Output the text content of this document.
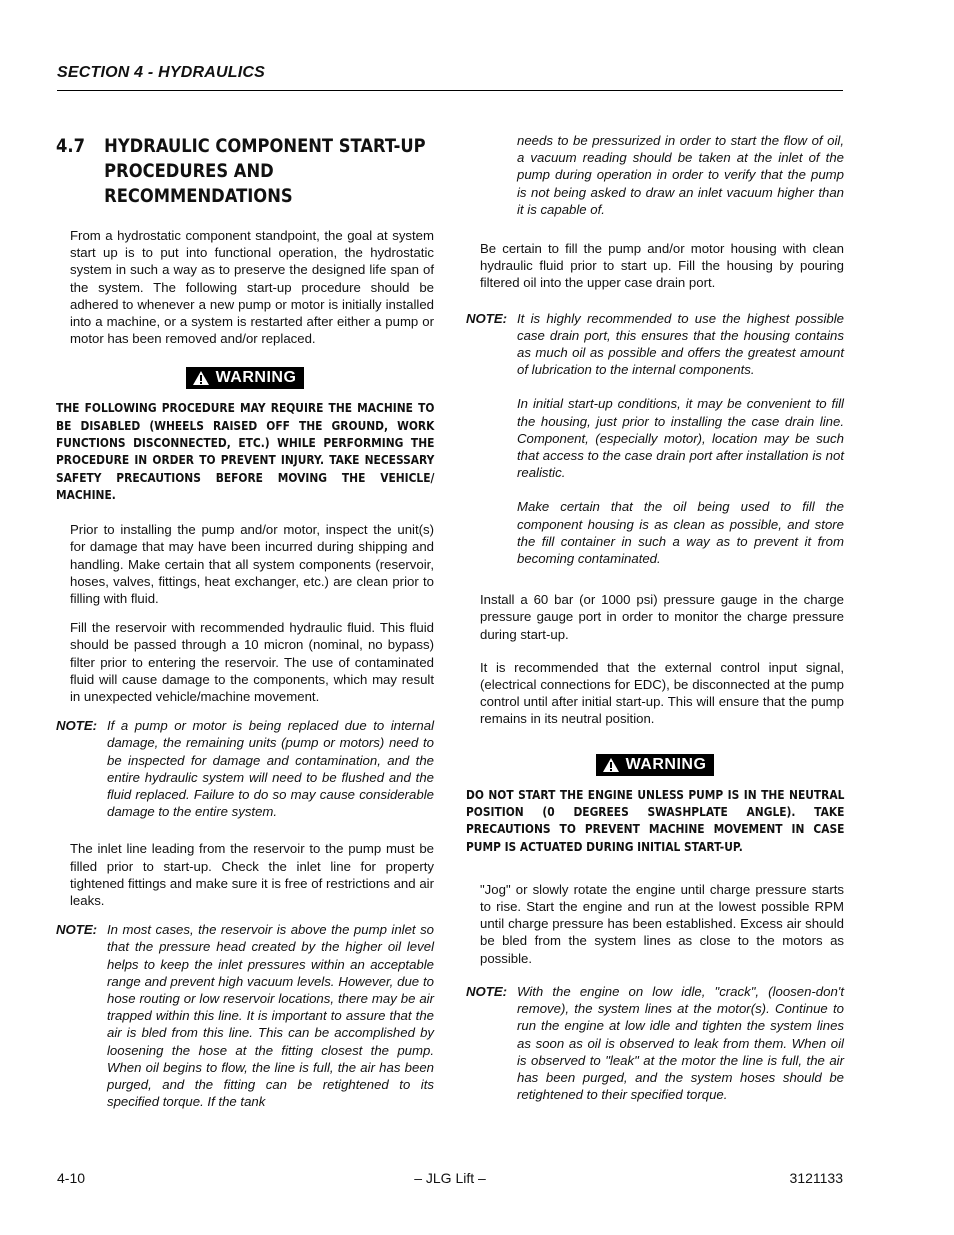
SECTION 4 - HYDRAULICS
4.7	HYDRAULIC COMPONENT START-UP
PROCEDURES AND
RECOMMENDATIONS

From a hydrostatic component standpoint, the goal at system start up is to put into functional operation, the hydrostatic system in such a way as to preserve the designed life span of the system. The following start-up procedure should be adhered to whenever a new pump or motor is initially installed into a machine, or a system is restarted after either a pump or motor has been removed and/or replaced.

WARNING
THE FOLLOWING PROCEDURE MAY REQUIRE THE MACHINE TO BE DISABLED (WHEELS RAISED OFF THE GROUND, WORK FUNCTIONS DISCONNECTED, ETC.) WHILE PERFORMING THE PROCEDURE IN ORDER TO PREVENT INJURY. TAKE NECESSARY SAFETY PRECAUTIONS BEFORE MOVING THE VEHICLE/ MACHINE.

Prior to installing the pump and/or motor, inspect the unit(s) for damage that may have been incurred during shipping and handling. Make certain that all system components (reservoir, hoses, valves, fittings, heat exchanger, etc.) are clean prior to filling with fluid.

Fill the reservoir with recommended hydraulic fluid. This fluid should be passed through a 10 micron (nominal, no bypass) filter prior to entering the reservoir. The use of contaminated fluid will cause damage to the components, which may result in unexpected vehicle/machine movement.

NOTE: If a pump or motor is being replaced due to internal damage, the remaining units (pump or motors) need to be inspected for damage and contamination, and the entire hydraulic system will need to be flushed and the fluid replaced. Failure to do so may cause considerable damage to the entire system.

The inlet line leading from the reservoir to the pump must be filled prior to start-up. Check the inlet line for property tightened fittings and make sure it is free of restrictions and air leaks.

NOTE: In most cases, the reservoir is above the pump inlet so that the pressure head created by the higher oil level helps to keep the inlet pressures within an acceptable range and prevent high vacuum levels. However, due to hose routing or low reservoir locations, there may be air trapped within this line. It is important to assure that the air is bled from this line. This can be accomplished by loosening the hose at the fitting closest the pump. When oil begins to flow, the line is full, the air has been purged, and the fitting can be retightened to its specified torque. If the tank
needs to be pressurized in order to start the flow of oil, a vacuum reading should be taken at the inlet of the pump during operation in order to verify that the pump is not being asked to draw an inlet vacuum higher than it is capable of.

Be certain to fill the pump and/or motor housing with clean hydraulic fluid prior to start up. Fill the housing by pouring filtered oil into the upper case drain port.

NOTE: It is highly recommended to use the highest possible case drain port, this ensures that the housing contains as much oil as possible and offers the greatest amount of lubrication to the internal components.

In initial start-up conditions, it may be convenient to fill the housing, just prior to installing the case drain line. Component, (especially motor), location may be such that access to the case drain port after installation is not realistic.

Make certain that the oil being used to fill the component housing is as clean as possible, and store the fill container in such a way as to prevent it from becoming contaminated.

Install a 60 bar (or 1000 psi) pressure gauge in the charge pressure gauge port in order to monitor the charge pressure during start-up.

It is recommended that the external control input signal, (electrical connections for EDC), be disconnected at the pump control until after initial start-up. This will ensure that the pump remains in its neutral position.

WARNING
DO NOT START THE ENGINE UNLESS PUMP IS IN THE NEUTRAL POSITION (0 DEGREES SWASHPLATE ANGLE). TAKE PRECAUTIONS TO PREVENT MACHINE MOVEMENT IN CASE PUMP IS ACTUATED DURING INITIAL START-UP.

"Jog" or slowly rotate the engine until charge pressure starts to rise. Start the engine and run at the lowest possible RPM until charge pressure has been established. Excess air should be bled from the system lines as close to the motors as possible.

NOTE: With the engine on low idle, "crack", (loosen-don't remove), the system lines at the motor(s). Continue to run the engine at low idle and tighten the system lines as soon as oil is observed to leak from them. When oil is observed to "leak" at the motor the line is full, the air has been purged, and the system hoses should be retightened to their specified torque.
4-10	– JLG Lift –	3121133
